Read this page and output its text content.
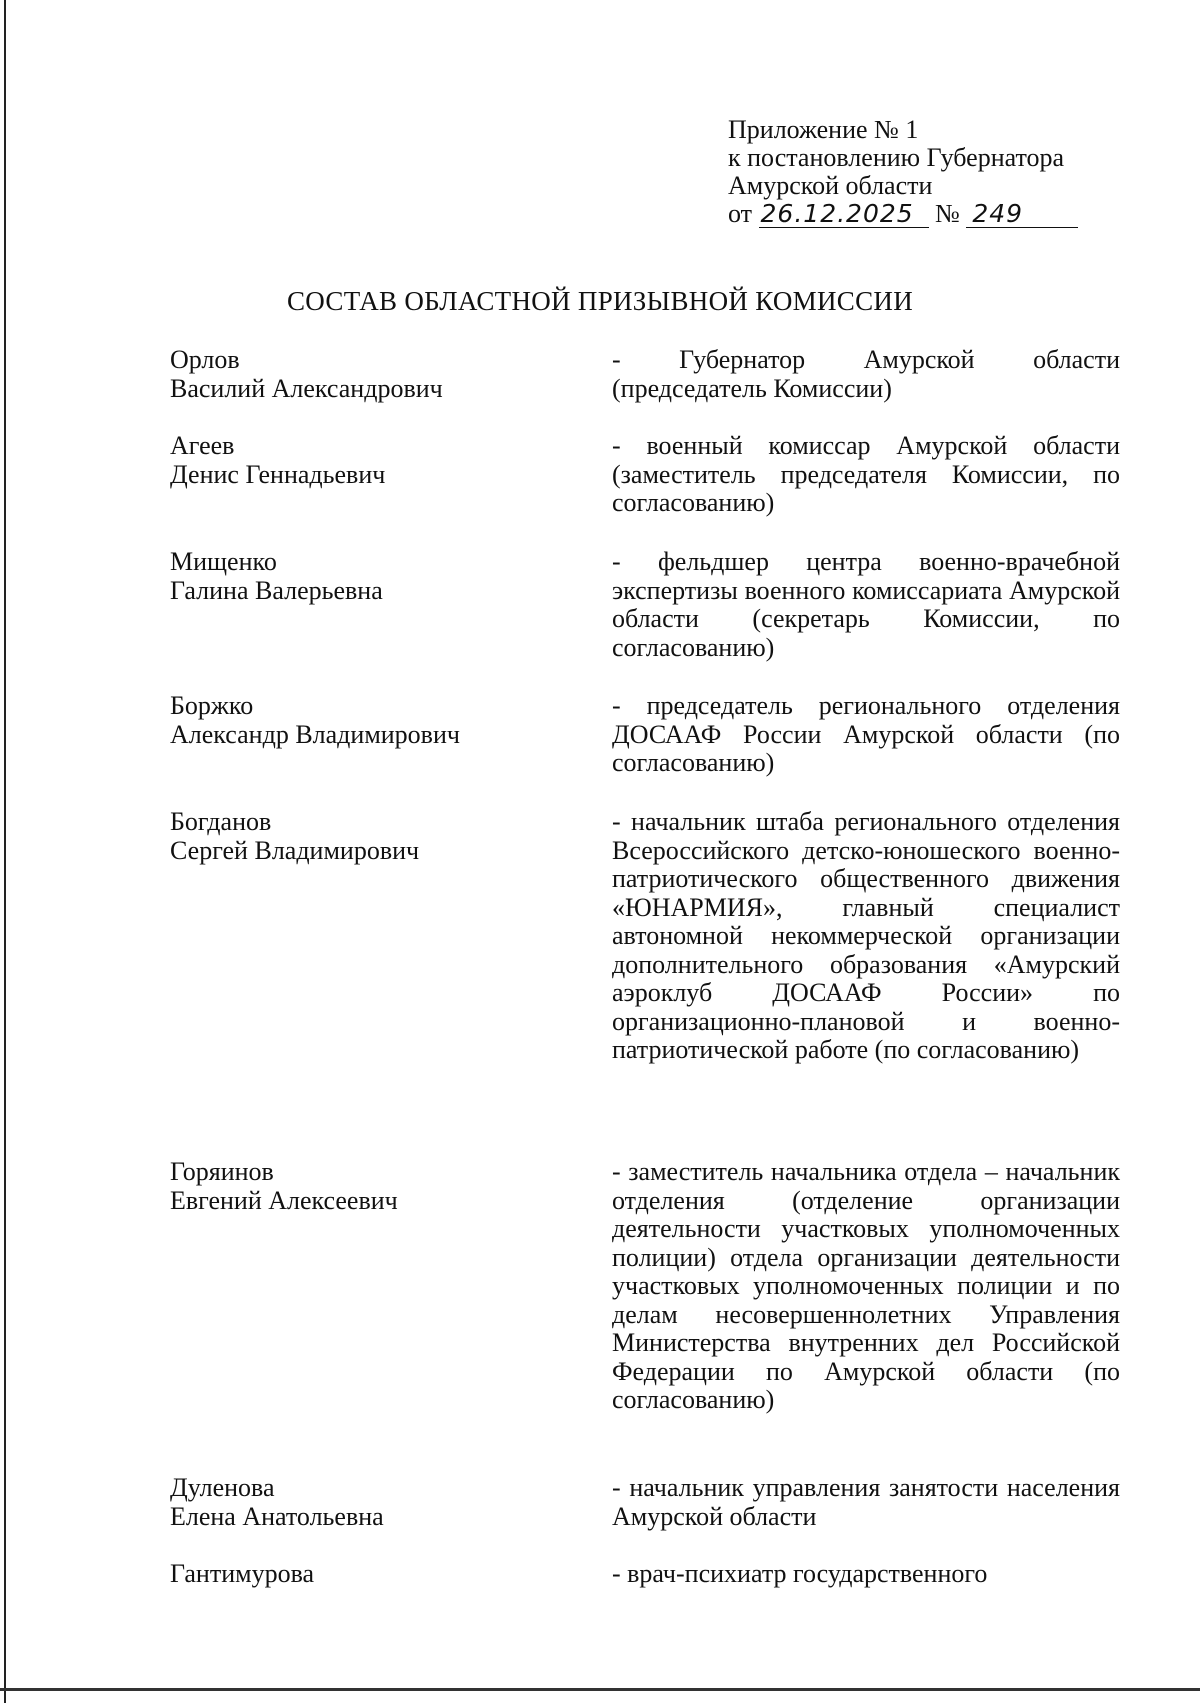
Приложение № 1
к постановлению Губернатора
Амурской области
от 26.12.2025 № 249
СОСТАВ ОБЛАСТНОЙ ПРИЗЫВНОЙ КОМИССИИ
Орлов
Василий Александрович
- Губернатор Амурской области (председатель Комиссии)
Агеев
Денис Геннадьевич
- военный комиссар Амурской области (заместитель председателя Комиссии, по согласованию)
Мищенко
Галина Валерьевна
- фельдшер центра военно-врачебной экспертизы военного комиссариата Амурской области (секретарь Комиссии, по согласованию)
Боржко
Александр Владимирович
- председатель регионального отделения ДОСААФ России Амурской области (по согласованию)
Богданов
Сергей Владимирович
- начальник штаба регионального отделения Всероссийского детско-юношеского военно-патриотического общественного движения «ЮНАРМИЯ», главный специалист автономной некоммерческой организации дополнительного образования «Амурский аэроклуб ДОСААФ России» по организационно-плановой и военно-патриотической работе (по согласованию)
Горяинов
Евгений Алексеевич
- заместитель начальника отдела – начальник отделения (отделение организации деятельности участковых уполномоченных полиции) отдела организации деятельности участковых уполномоченных полиции и по делам несовершеннолетних Управления Министерства внутренних дел Российской Федерации по Амурской области (по согласованию)
Дуленова
Елена Анатольевна
- начальник управления занятости населения Амурской области
Гантимурова	- врач-психиатр государственного
